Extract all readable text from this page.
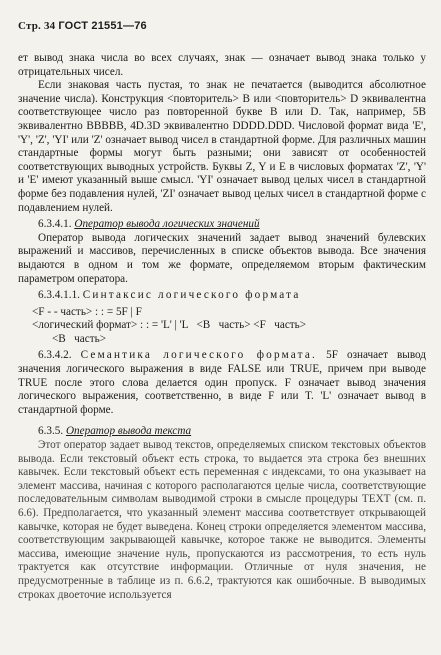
Стр. 34 ГОСТ 21551—76

ет вывод знака числа во всех случаях, знак — означает вывод знака только у отрицательных чисел.

Если знаковая часть пустая, то знак не печатается (выводится абсолютное значение числа). Конструкция <повторитель> B или <повторитель> D эквивалентна соответствующее число раз повторенной букве B или D. Так, например, 5B эквивалентно BBBBB, 4D.3D эквивалентно DDDD.DDD. Числовой формат вида 'E', 'Y', 'Z', 'YI' или 'Z' означает вывод чисел в стандартной форме. Для различных машин стандартные формы могут быть разными; они зависят от особенностей соответствующих выводных устройств. Буквы Z, Y и E в числовых форматах 'Z', 'Y' и 'E' имеют указанный выше смысл. 'YI' означает вывод целых чисел в стандартной форме без подавления нулей, 'ZI' означает вывод целых чисел в стандартной форме с подавлением нулей.

6.3.4.1. Оператор вывода логических значений

Оператор вывода логических значений задает вывод значений булевских выражений и массивов, перечисленных в списке объектов вывода. Все значения выдаются в одном и том же формате, определяемом вторым фактическим параметром оператора.

6.3.4.1.1. Синтаксис логического формата

<F - - часть> : : = 5F | F
<логический формат> : : = 'L' | 'L   <B   часть> <F   часть>
<B   часть>

6.3.4.2. Семантика логического формата. 5F означает вывод значения логического выражения в виде FALSE или TRUE, причем при выводе TRUE после этого слова делается один пропуск. F означает вывод значения логического выражения, соответственно, в виде F или T. 'L' означает вывод в стандартной форме.

6.3.5. Оператор вывода текста

Этот оператор задает вывод текстов, определяемых списком текстовых объектов вывода. Если текстовый объект есть строка, то выдается эта строка без внешних кавычек. Если текстовый объект есть переменная с индексами, то она указывает на элемент массива, начиная с которого располагаются целые числа, соответствующие последовательным символам выводимой строки в смысле процедуры TEXT (см. п. 6.6). Предполагается, что указанный элемент массива соответствует открывающей кавычке, которая не будет выведена. Конец строки определяется элементом массива, соответствующим закрывающей кавычке, которое также не выводится. Элементы массива, имеющие значение нуль, пропускаются из рассмотрения, то есть нуль трактуется как отсутствие информации. Отличные от нуля значения, не предусмотренные в таблице из п. 6.6.2, трактуются как ошибочные. В выводимых строках двоеточие используется
